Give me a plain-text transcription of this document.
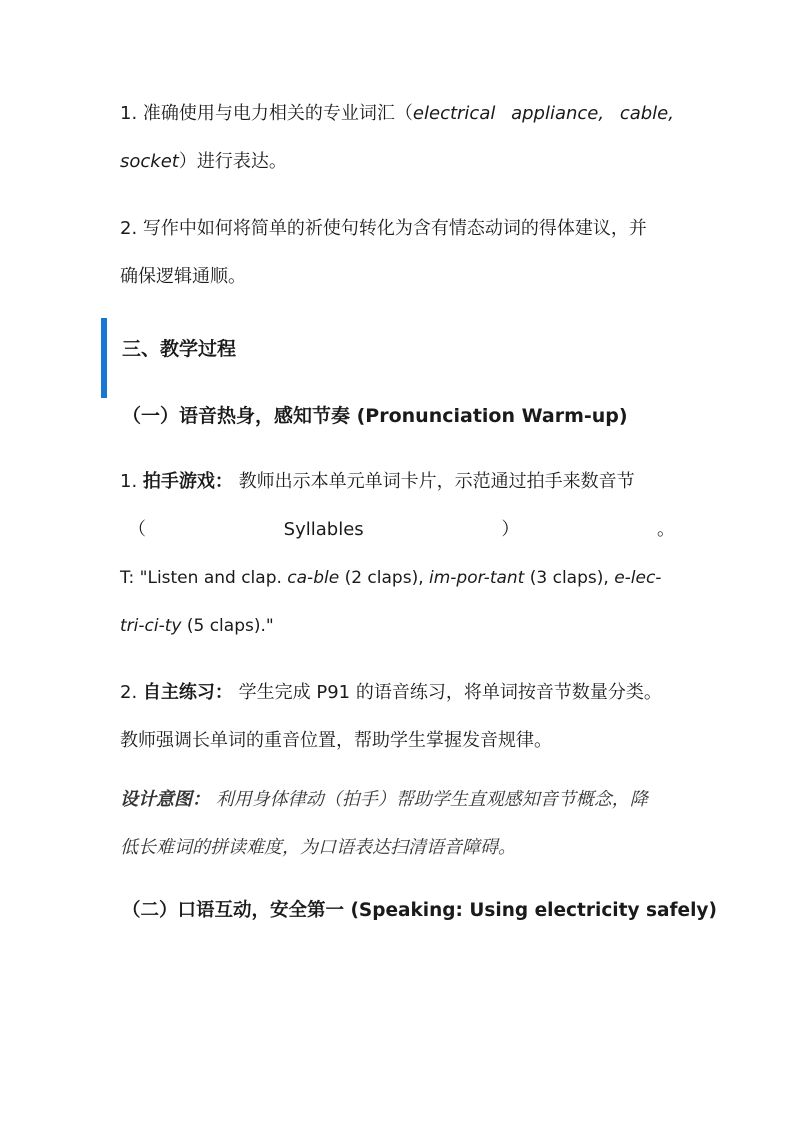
1. 准确使用与电力相关的专业词汇（electrical appliance, cable,
socket）进行表达。
2. 写作中如何将简单的祈使句转化为含有情态动词的得体建议，并
确保逻辑通顺。
三、教学过程
（一）语音热身，感知节奏 (Pronunciation Warm-up)
1. 拍手游戏： 教师出示本单元单词卡片，示范通过拍手来数音节
（	Syllables	）	。
T: "Listen and clap. ca-ble (2 claps), im-por-tant (3 claps), e-lec-
tri-ci-ty (5 claps)."
2. 自主练习： 学生完成 P91 的语音练习，将单词按音节数量分类。
教师强调长单词的重音位置，帮助学生掌握发音规律。
设计意图： 利用身体律动（拍手）帮助学生直观感知音节概念，降
低长难词的拼读难度，为口语表达扫清语音障碍。
（二）口语互动，安全第一 (Speaking: Using electricity safely)
